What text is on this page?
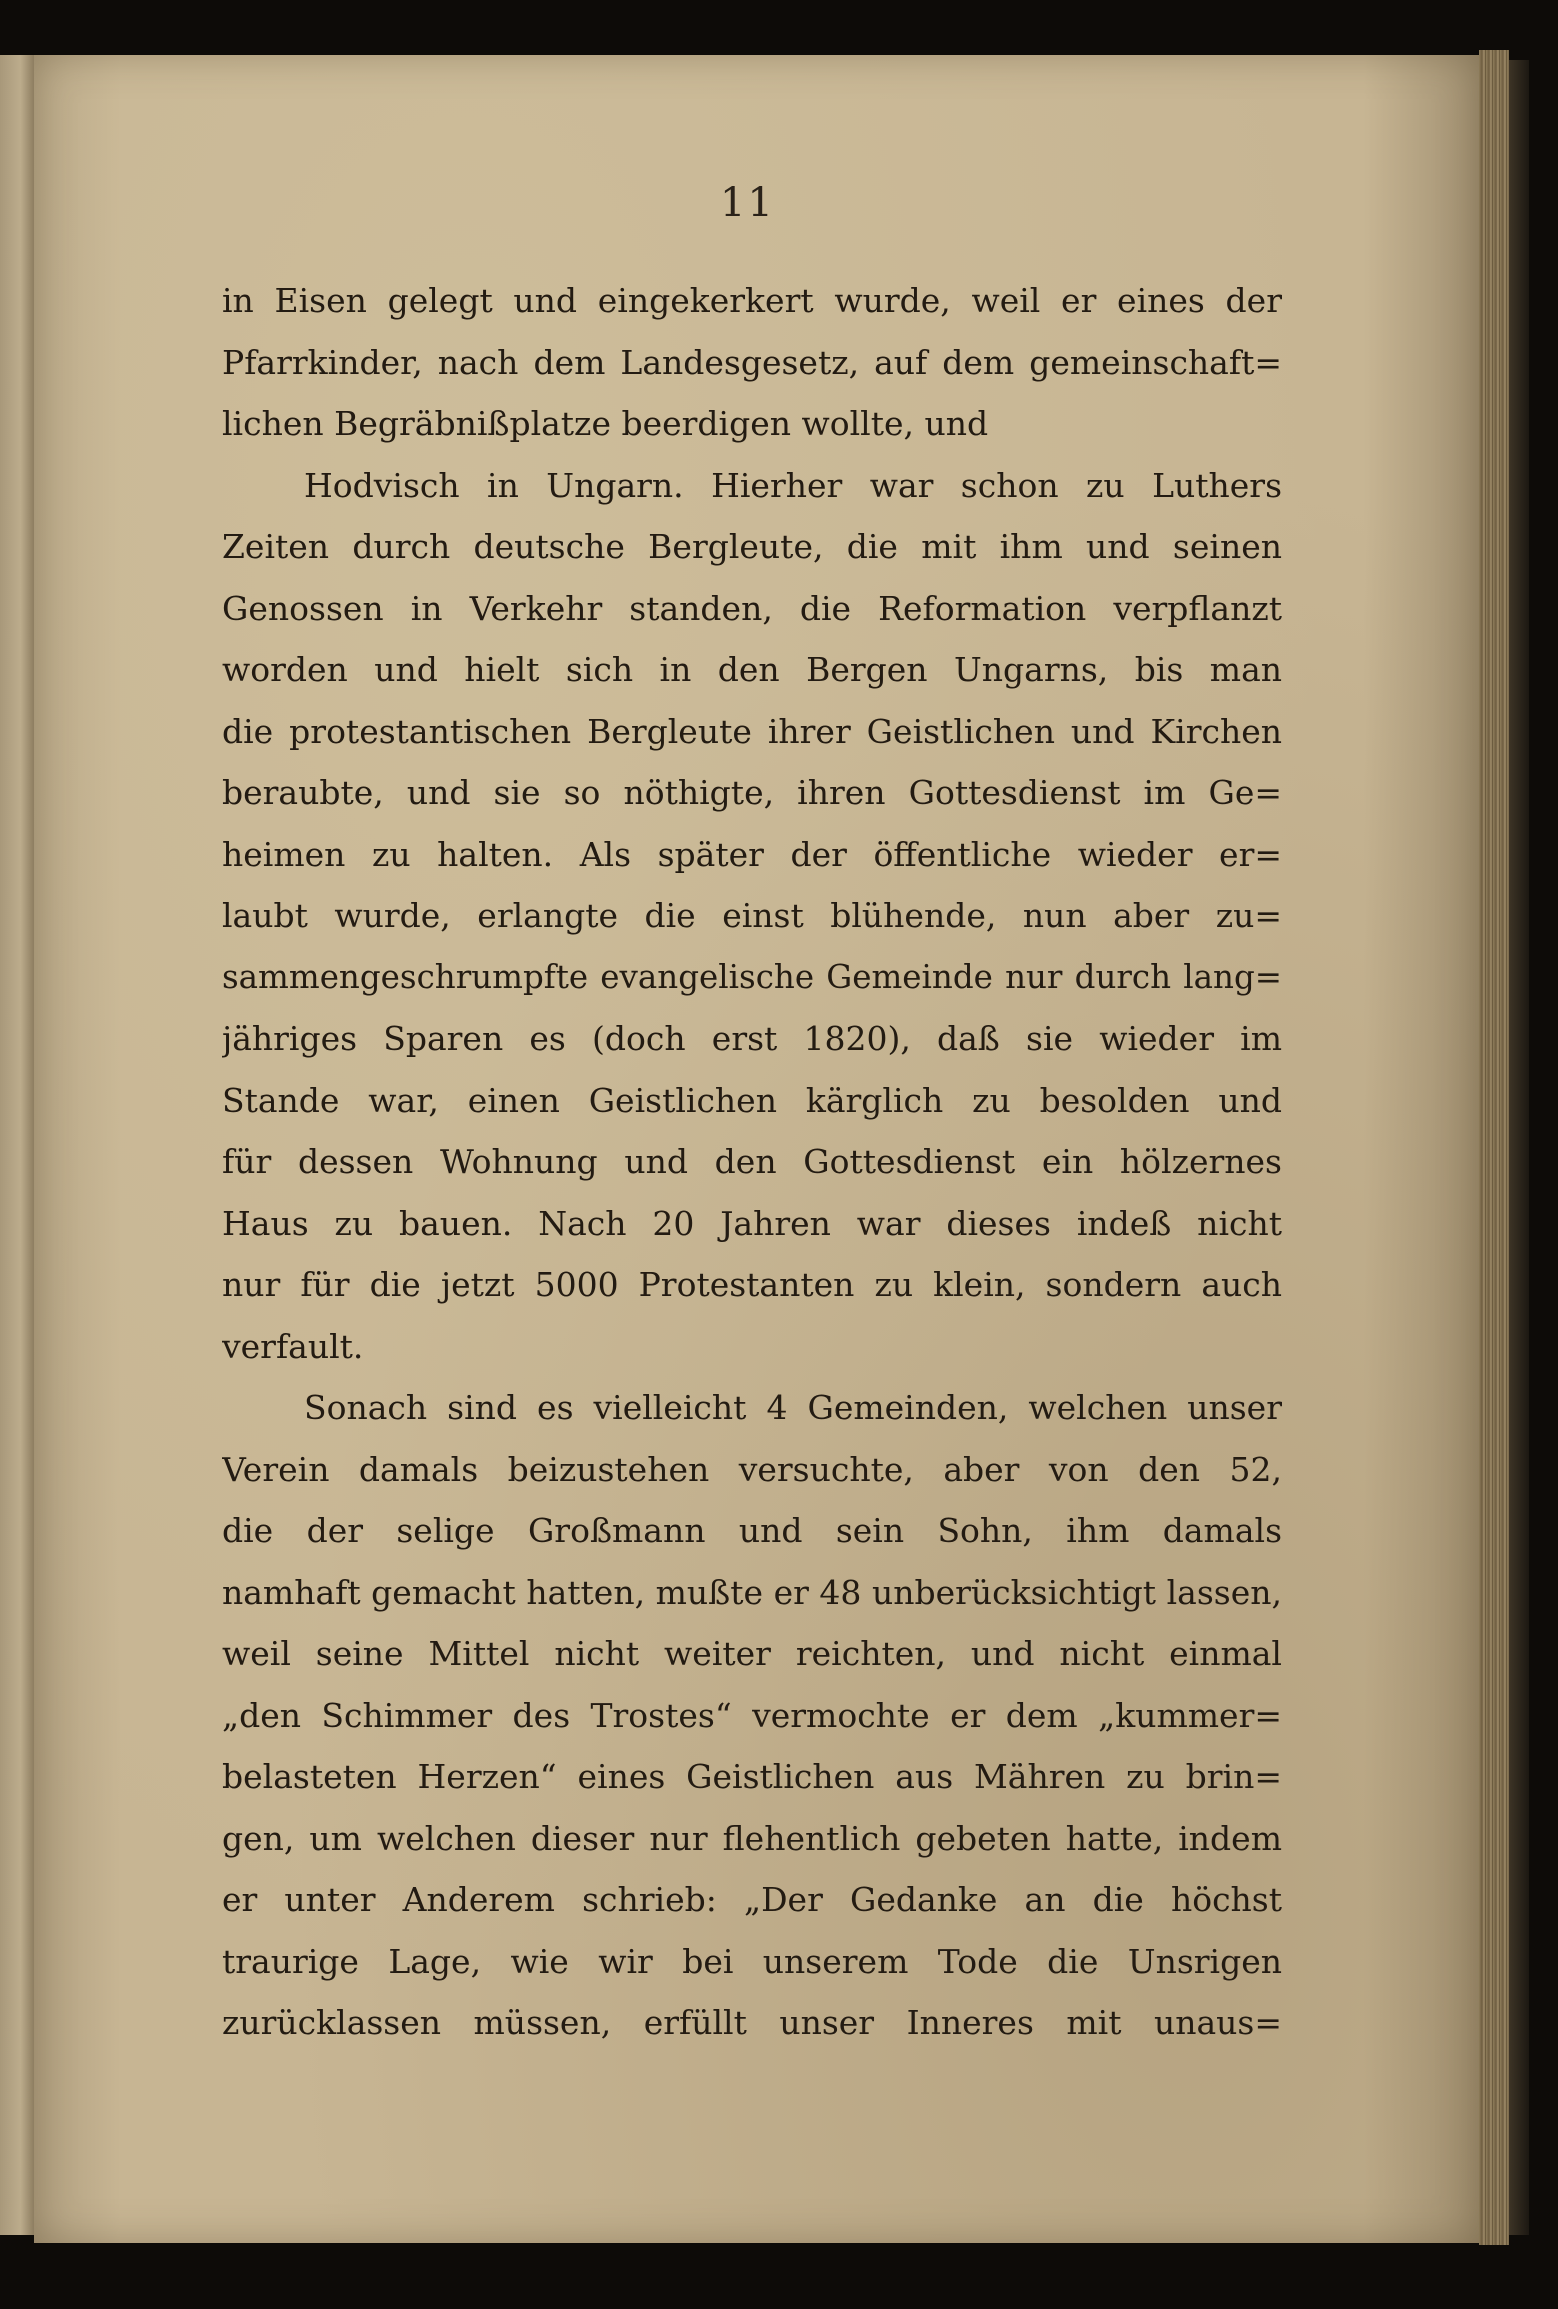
11
in Eisen gelegt und eingekerkert wurde, weil er eines der
Pfarrkinder, nach dem Landesgesetz, auf dem gemeinschaft=
lichen Begräbnißplatze beerdigen wollte, und
Hodvisch in Ungarn. Hierher war schon zu Luthers
Zeiten durch deutsche Bergleute, die mit ihm und seinen
Genossen in Verkehr standen, die Reformation verpflanzt
worden und hielt sich in den Bergen Ungarns, bis man
die protestantischen Bergleute ihrer Geistlichen und Kirchen
beraubte, und sie so nöthigte, ihren Gottesdienst im Ge=
heimen zu halten. Als später der öffentliche wieder er=
laubt wurde, erlangte die einst blühende, nun aber zu=
sammengeschrumpfte evangelische Gemeinde nur durch lang=
jähriges Sparen es (doch erst 1820), daß sie wieder im
Stande war, einen Geistlichen kärglich zu besolden und
für dessen Wohnung und den Gottesdienst ein hölzernes
Haus zu bauen. Nach 20 Jahren war dieses indeß nicht
nur für die jetzt 5000 Protestanten zu klein, sondern auch
verfault.
Sonach sind es vielleicht 4 Gemeinden, welchen unser
Verein damals beizustehen versuchte, aber von den 52,
die der selige Großmann und sein Sohn, ihm damals
namhaft gemacht hatten, mußte er 48 unberücksichtigt lassen,
weil seine Mittel nicht weiter reichten, und nicht einmal
„den Schimmer des Trostes“ vermochte er dem „kummer=
belasteten Herzen“ eines Geistlichen aus Mähren zu brin=
gen, um welchen dieser nur flehentlich gebeten hatte, indem
er unter Anderem schrieb: „Der Gedanke an die höchst
traurige Lage, wie wir bei unserem Tode die Unsrigen
zurücklassen müssen, erfüllt unser Inneres mit unaus=
